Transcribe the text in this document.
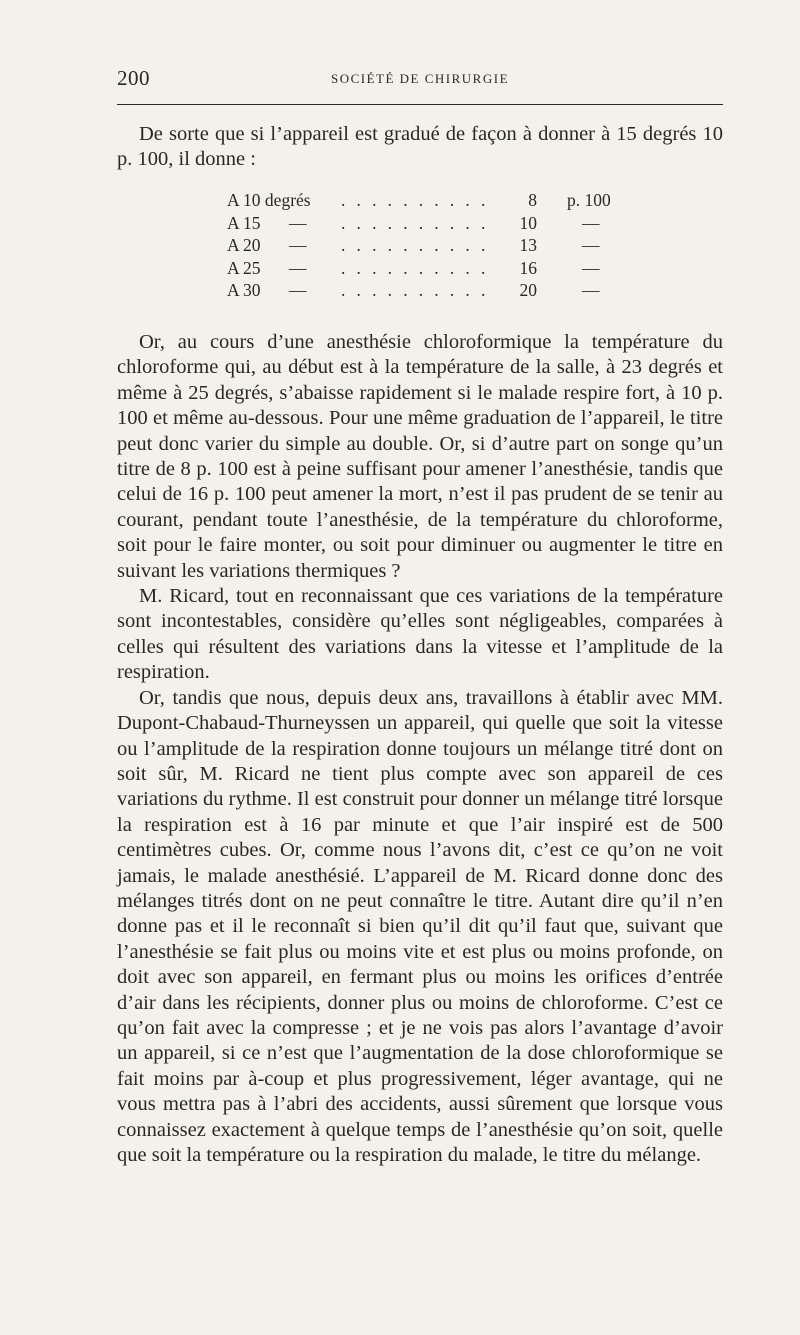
200	SOCIÉTÉ DE CHIRURGIE

De sorte que si l’appareil est gradué de façon à donner à 15 degrés 10 p. 100, il donne :

A 10 degrés . . . . . . . . . . 8 p. 100
A 15 — . . . . . . . . . . 10	—
A 20 — . . . . . . . . . . 13	—
A 25 — . . . . . . . . . . 16	—
A 30 — . . . . . . . . . . 20	—

Or, au cours d’une anesthésie chloroformique la température du chloroforme qui, au début est à la température de la salle, à 23 degrés et même à 25 degrés, s’abaisse rapidement si le malade respire fort, à 10 p. 100 et même au-dessous. Pour une même graduation de l’appareil, le titre peut donc varier du simple au double. Or, si d’autre part on songe qu’un titre de 8 p. 100 est à peine suffisant pour amener l’anesthésie, tandis que celui de 16 p. 100 peut amener la mort, n’est il pas prudent de se tenir au courant, pendant toute l’anesthésie, de la température du chloroforme, soit pour le faire monter, ou soit pour diminuer ou augmenter le titre en suivant les variations thermiques ?

M. Ricard, tout en reconnaissant que ces variations de la température sont incontestables, considère qu’elles sont négligeables, comparées à celles qui résultent des variations dans la vitesse et l’amplitude de la respiration.

Or, tandis que nous, depuis deux ans, travaillons à établir avec MM. Dupont-Chabaud-Thurneyssen un appareil, qui quelle que soit la vitesse ou l’amplitude de la respiration donne toujours un mélange titré dont on soit sûr, M. Ricard ne tient plus compte avec son appareil de ces variations du rythme. Il est construit pour donner un mélange titré lorsque la respiration est à 16 par minute et que l’air inspiré est de 500 centimètres cubes. Or, comme nous l’avons dit, c’est ce qu’on ne voit jamais, le malade anesthésié. L’appareil de M. Ricard donne donc des mélanges titrés dont on ne peut connaître le titre. Autant dire qu’il n’en donne pas et il le reconnaît si bien qu’il dit qu’il faut que, suivant que l’anesthésie se fait plus ou moins vite et est plus ou moins profonde, on doit avec son appareil, en fermant plus ou moins les orifices d’entrée d’air dans les récipients, donner plus ou moins de chloroforme. C’est ce qu’on fait avec la compresse ; et je ne vois pas alors l’avantage d’avoir un appareil, si ce n’est que l’augmentation de la dose chloroformique se fait moins par à-coup et plus progressivement, léger avantage, qui ne vous mettra pas à l’abri des accidents, aussi sûrement que lorsque vous connaissez exactement à quelque temps de l’anesthésie qu’on soit, quelle que soit la température ou la respiration du malade, le titre du mélange.
